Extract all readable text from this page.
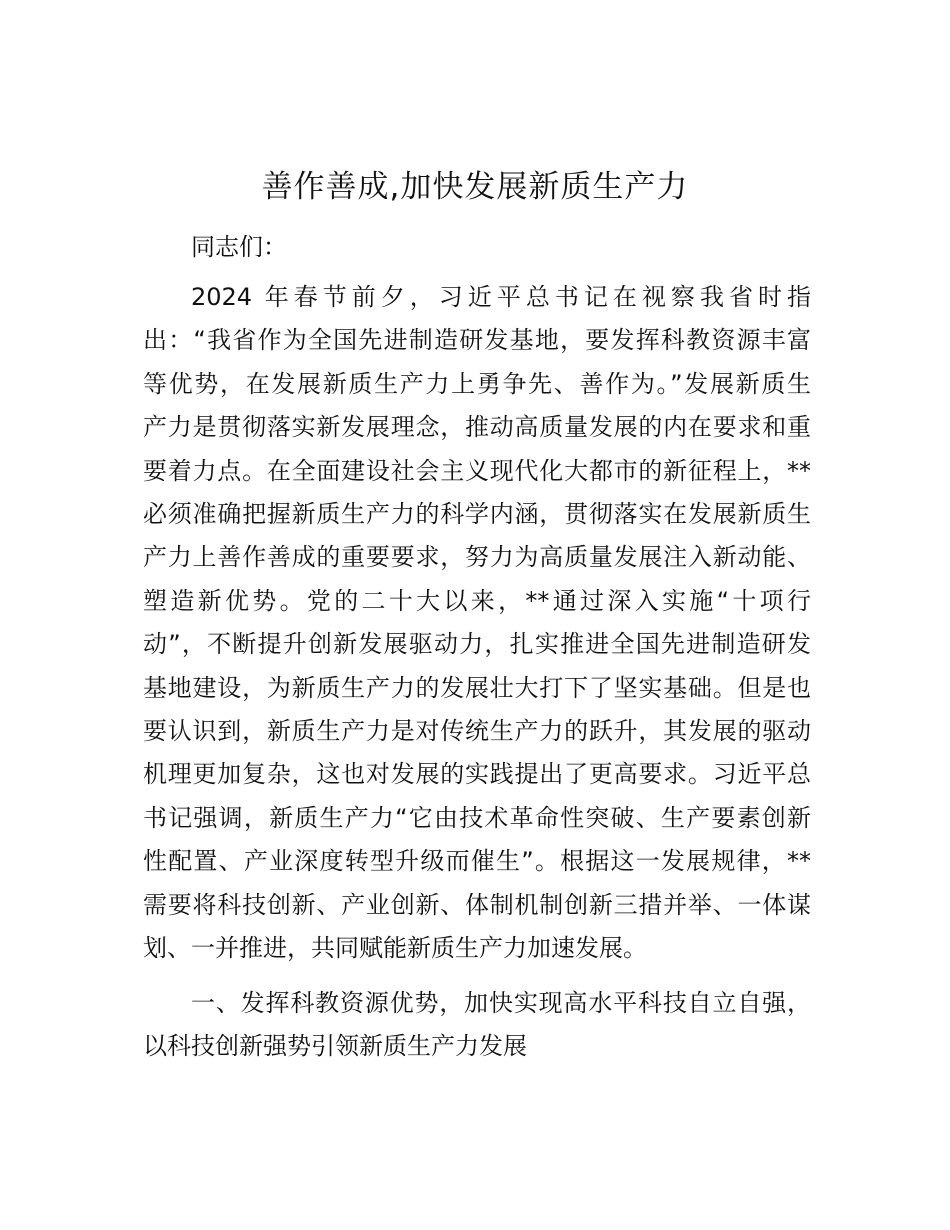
善作善成,加快发展新质生产力

同志们：

2024 年春节前夕，习近平总书记在视察我省时指
出：“我省作为全国先进制造研发基地，要发挥科教资源丰富
等优势，在发展新质生产力上勇争先、善作为。”发展新质生
产力是贯彻落实新发展理念，推动高质量发展的内在要求和重
要着力点。在全面建设社会主义现代化大都市的新征程上，**
必须准确把握新质生产力的科学内涵，贯彻落实在发展新质生
产力上善作善成的重要要求，努力为高质量发展注入新动能、
塑造新优势。党的二十大以来，**通过深入实施“十项行
动”，不断提升创新发展驱动力，扎实推进全国先进制造研发
基地建设，为新质生产力的发展壮大打下了坚实基础。但是也
要认识到，新质生产力是对传统生产力的跃升，其发展的驱动
机理更加复杂，这也对发展的实践提出了更高要求。习近平总
书记强调，新质生产力“它由技术革命性突破、生产要素创新
性配置、产业深度转型升级而催生”。根据这一发展规律，**
需要将科技创新、产业创新、体制机制创新三措并举、一体谋
划、一并推进，共同赋能新质生产力加速发展。
一、发挥科教资源优势，加快实现高水平科技自立自强，
以科技创新强势引领新质生产力发展
